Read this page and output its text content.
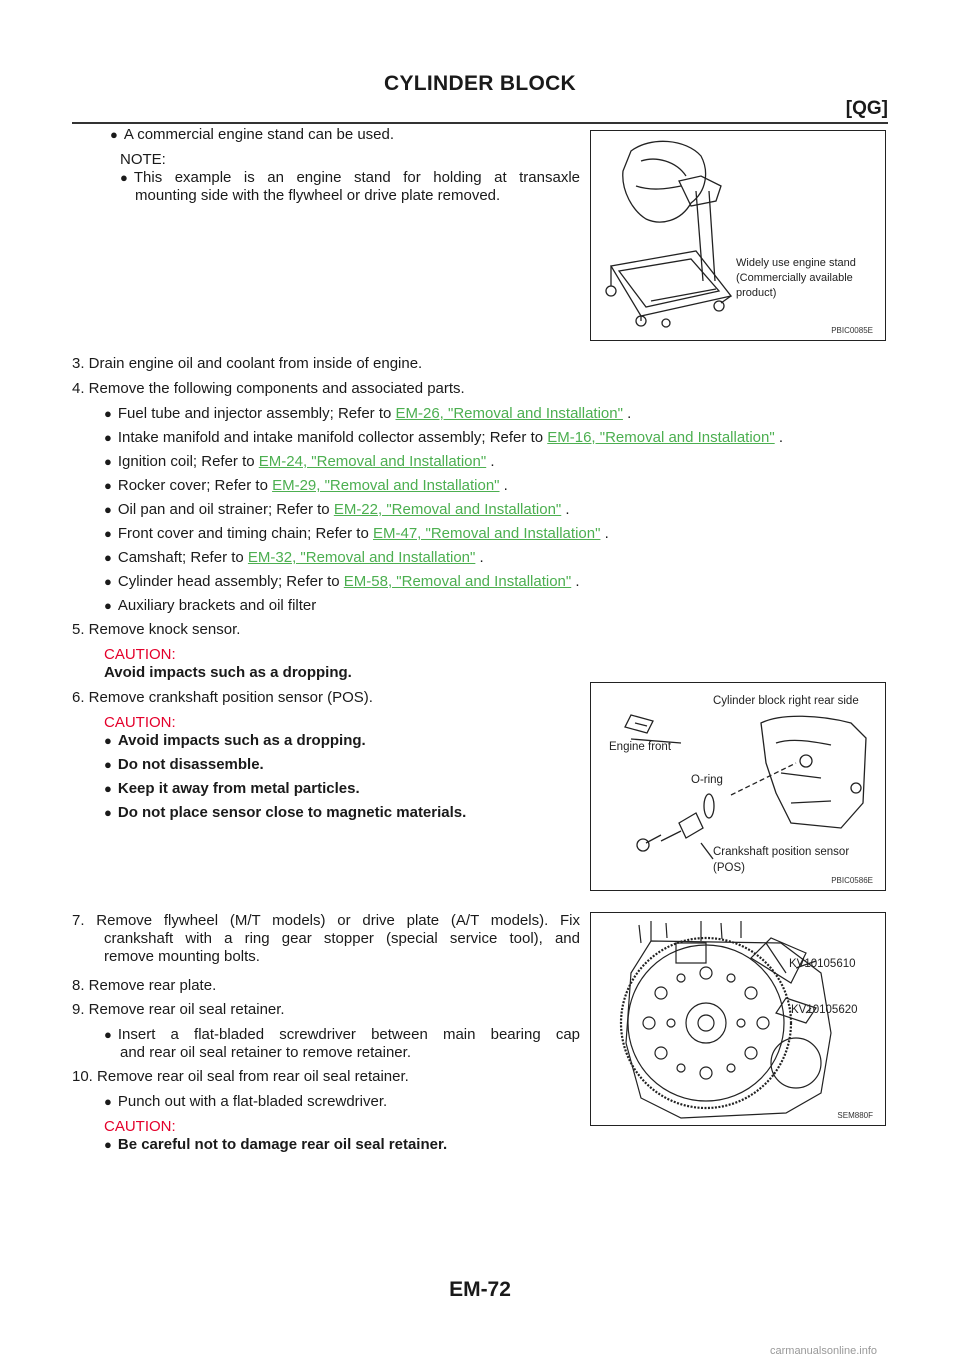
CYLINDER BLOCK
[QG]
● A commercial engine stand can be used.
NOTE:
● This example is an engine stand for holding at transaxle
mounting side with the flywheel or drive plate removed.
Widely use engine stand
(Commercially available
product)
PBIC0085E
3. Drain engine oil and coolant from inside of engine.
4. Remove the following components and associated parts.
● Fuel tube and injector assembly; Refer to EM-26, "Removal and Installation" .
● Intake manifold and intake manifold collector assembly; Refer to EM-16, "Removal and Installation" .
● Ignition coil; Refer to EM-24, "Removal and Installation" .
● Rocker cover; Refer to EM-29, "Removal and Installation" .
● Oil pan and oil strainer; Refer to EM-22, "Removal and Installation" .
● Front cover and timing chain; Refer to EM-47, "Removal and Installation" .
● Camshaft; Refer to EM-32, "Removal and Installation" .
● Cylinder head assembly; Refer to EM-58, "Removal and Installation" .
● Auxiliary brackets and oil filter
5. Remove knock sensor.
CAUTION:
Avoid impacts such as a dropping.
6. Remove crankshaft position sensor (POS).
CAUTION:
● Avoid impacts such as a dropping.
● Do not disassemble.
● Keep it away from metal particles.
● Do not place sensor close to magnetic materials.
Cylinder block right rear side
Engine front
O-ring
Crankshaft position sensor
(POS)
PBIC0586E
7. Remove flywheel (M/T models) or drive plate (A/T models). Fix
crankshaft with a ring gear stopper (special service tool), and
remove mounting bolts.
8. Remove rear plate.
9. Remove rear oil seal retainer.
● Insert a flat-bladed screwdriver between main bearing cap
and rear oil seal retainer to remove retainer.
10. Remove rear oil seal from rear oil seal retainer.
● Punch out with a flat-bladed screwdriver.
CAUTION:
● Be careful not to damage rear oil seal retainer.
KV10105610
KV10105620
SEM880F
EM-72
carmanualsonline.info
